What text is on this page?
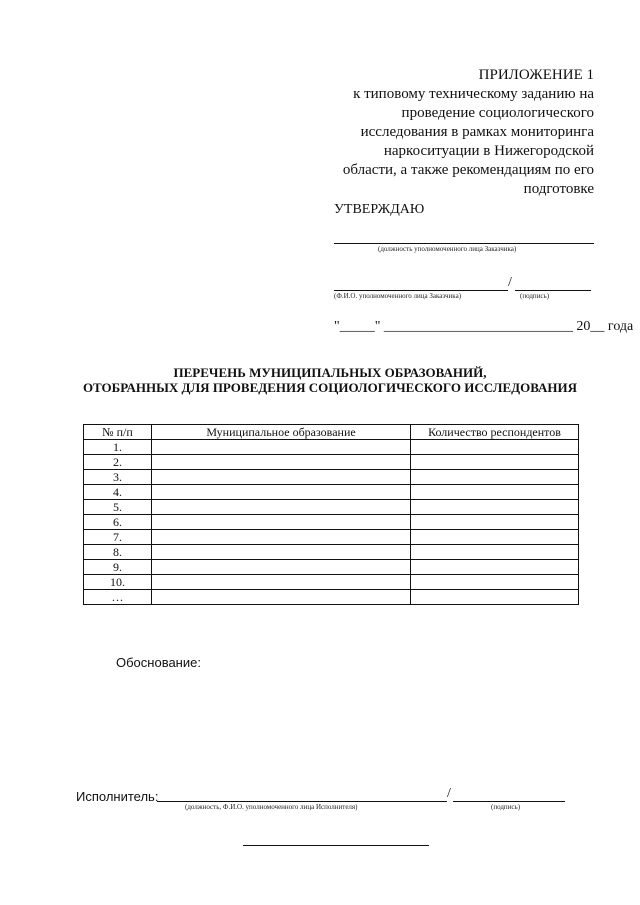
ПРИЛОЖЕНИЕ 1
к типовому техническому заданию на
проведение социологического
исследования в рамках мониторинга
наркоситуации в Нижегородской
области, а также рекомендациям по его
подготовке
УТВЕРЖДАЮ
(должность уполномоченного лица Заказчика)
/
(Ф.И.О. уполномоченного лица Заказчика)	(подпись)
"_____" ___________________________ 20__ года
ПЕРЕЧЕНЬ МУНИЦИПАЛЬНЫХ ОБРАЗОВАНИЙ,
ОТОБРАННЫХ ДЛЯ ПРОВЕДЕНИЯ СОЦИОЛОГИЧЕСКОГО ИССЛЕДОВАНИЯ
№ п/п	Муниципальное образование	Количество респондентов
1.		
2.		
3.		
4.		
5.		
6.		
7.		
8.		
9.		
10.		
…		
Обоснование:
Исполнитель:	/
(должность, Ф.И.О. уполномоченного лица Исполнителя)	(подпись)
